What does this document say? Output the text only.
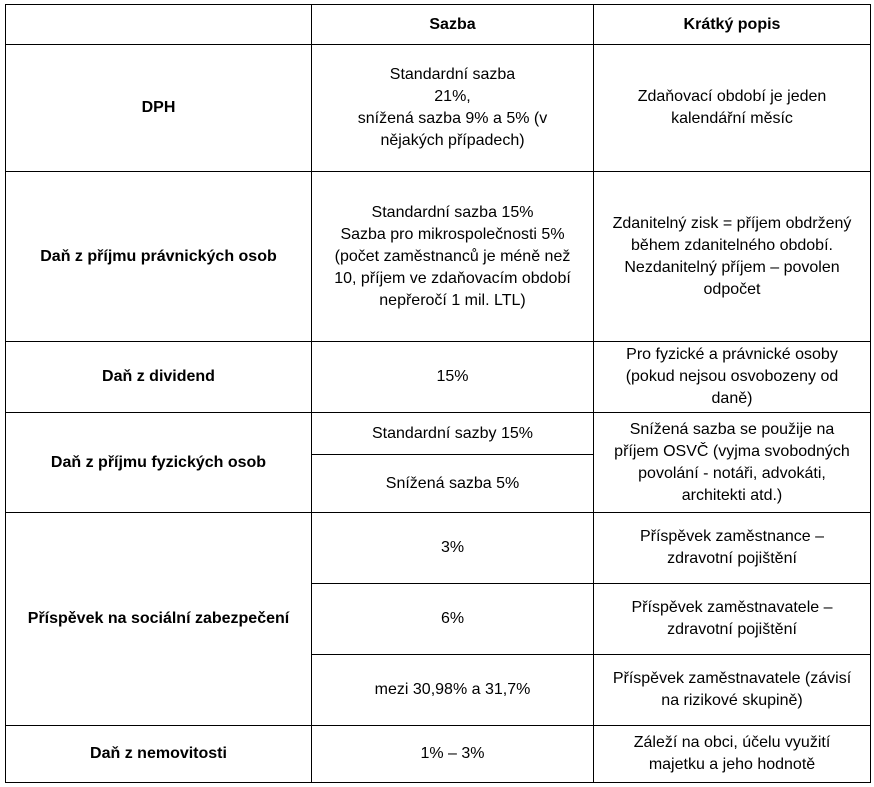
	Sazba	Krátký popis
DPH	Standardní sazba
21%,
snížená sazba 9% a 5% (v
nějakých případech)	Zdaňovací období je jeden
kalendářní měsíc
Daň z příjmu právnických osob	Standardní sazba 15%
Sazba pro mikrospolečnosti 5%
(počet zaměstnanců je méně než
10, příjem ve zdaňovacím období
nepřeročí 1 mil. LTL)	Zdanitelný zisk = příjem obdržený
během zdanitelného období.
Nezdanitelný příjem – povolen
odpočet
Daň z dividend	15%	Pro fyzické a právnické osoby
(pokud nejsou osvobozeny od
daně)
Daň z příjmu fyzických osob	Standardní sazby 15%	Snížená sazba se použije na
příjem OSVČ (vyjma svobodných
povolání - notáři, advokáti,
architekti atd.)
	Snížená sazba 5%	
Příspěvek na sociální zabezpečení	3%	Příspěvek zaměstnance –
zdravotní pojištění
	6%	Příspěvek zaměstnavatele –
zdravotní pojištění
	mezi 30,98% a 31,7%	Příspěvek zaměstnavatele (závisí
na rizikové skupině)
Daň z nemovitosti	1% – 3%	Záleží na obci, účelu využití
majetku a jeho hodnotě
